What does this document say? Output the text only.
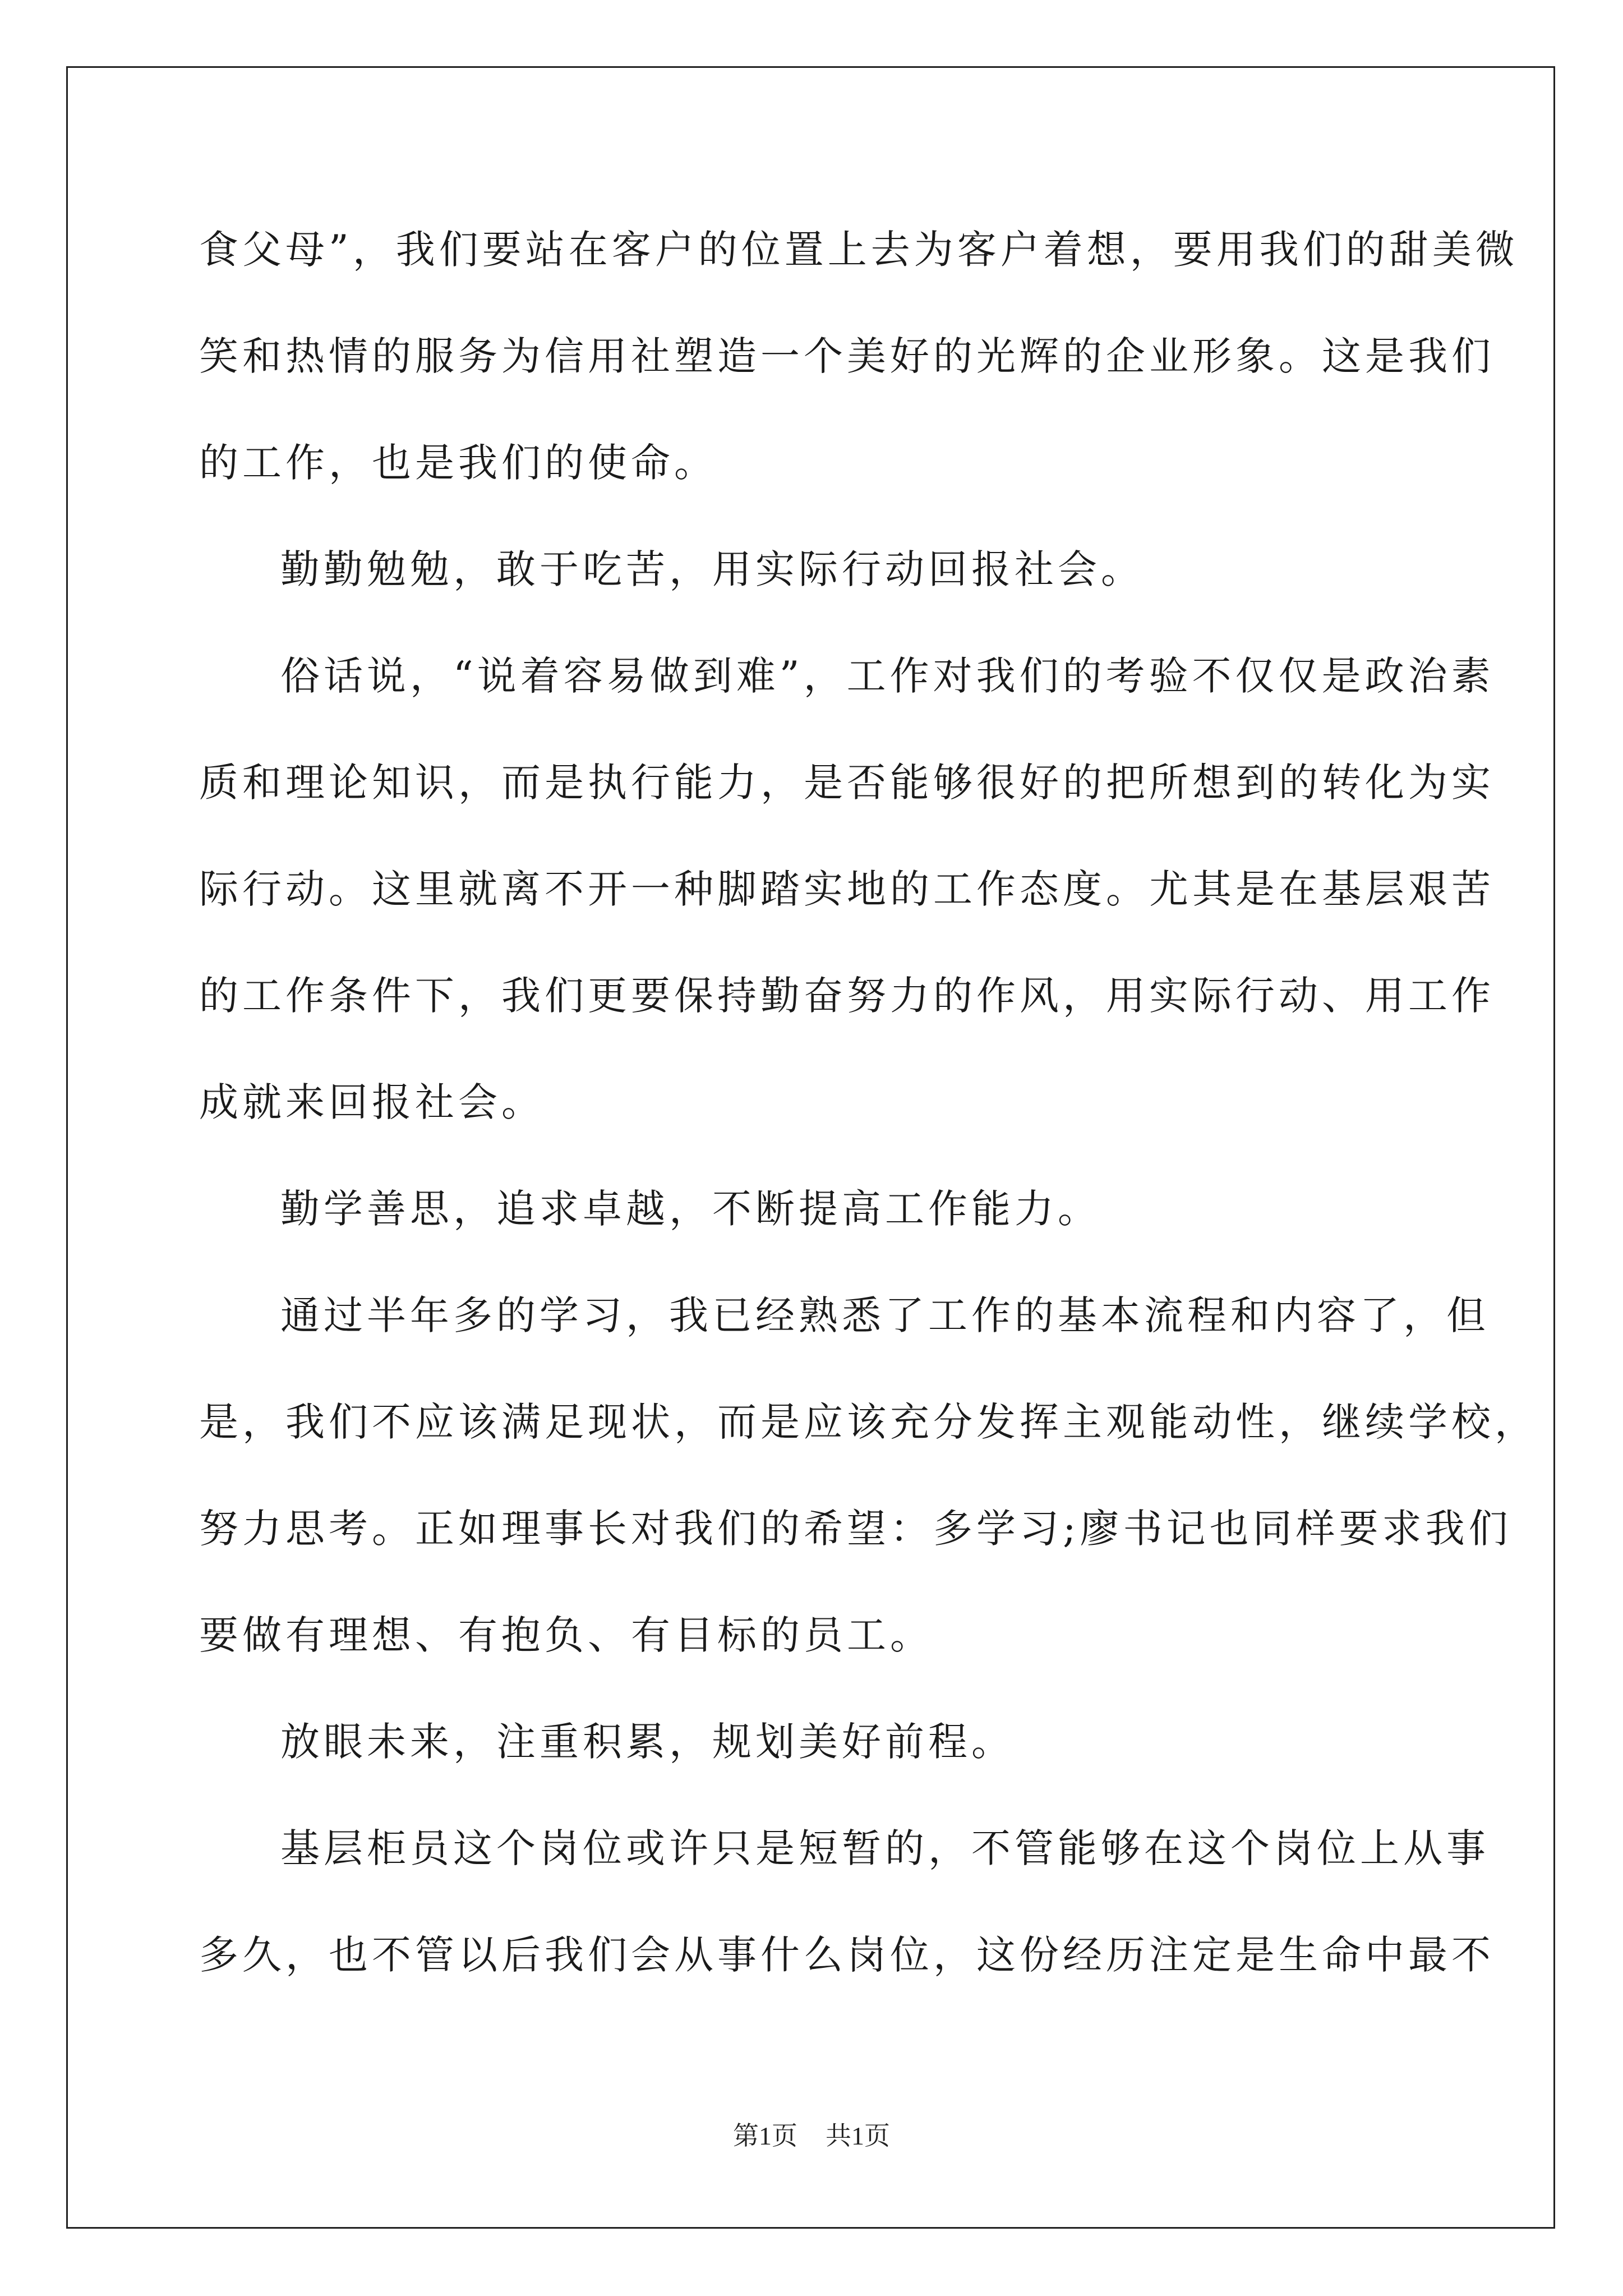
食父母”，我们要站在客户的位置上去为客户着想，要用我们的甜美微
笑和热情的服务为信用社塑造一个美好的光辉的企业形象。这是我们
的工作，也是我们的使命。
勤勤勉勉，敢于吃苦，用实际行动回报社会。
俗话说，“说着容易做到难”，工作对我们的考验不仅仅是政治素
质和理论知识，而是执行能力，是否能够很好的把所想到的转化为实
际行动。这里就离不开一种脚踏实地的工作态度。尤其是在基层艰苦
的工作条件下，我们更要保持勤奋努力的作风，用实际行动、用工作
成就来回报社会。
勤学善思，追求卓越，不断提高工作能力。
通过半年多的学习，我已经熟悉了工作的基本流程和内容了，但
是，我们不应该满足现状，而是应该充分发挥主观能动性，继续学校，
努力思考。正如理事长对我们的希望：多学习;廖书记也同样要求我们
要做有理想、有抱负、有目标的员工。
放眼未来，注重积累，规划美好前程。
基层柜员这个岗位或许只是短暂的，不管能够在这个岗位上从事
多久，也不管以后我们会从事什么岗位，这份经历注定是生命中最不
第1页 共1页
